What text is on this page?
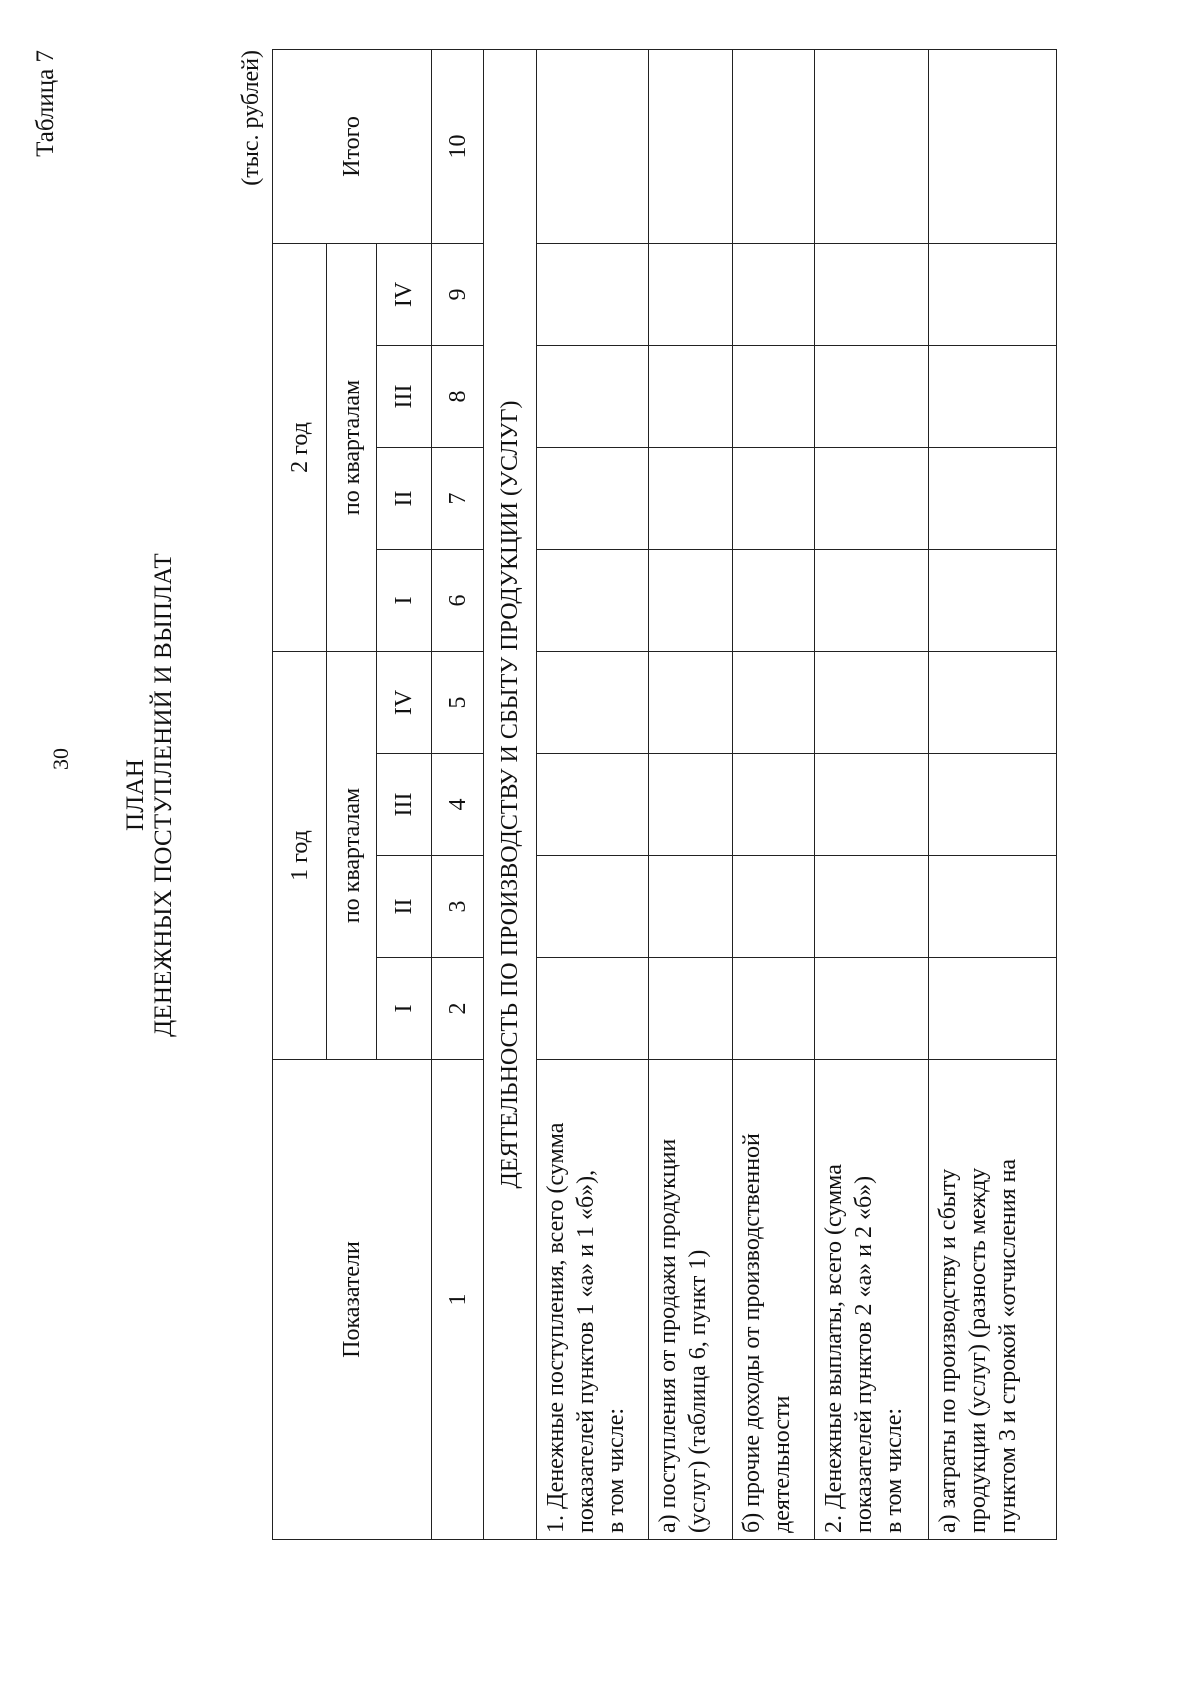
30
Таблица 7
ПЛАН ДЕНЕЖНЫХ ПОСТУПЛЕНИЙ И ВЫПЛАТ
(тыс. рублей)
Показатели	1 год				2 год				Итого
	по кварталам				по кварталам				
	I	II	III	IV	I	II	III	IV	
1	2	3	4	5	6	7	8	9	10
ДЕЯТЕЛЬНОСТЬ ПО ПРОИЗВОДСТВУ И СБЫТУ ПРОДУКЦИИ (УСЛУГ)									

1. Денежные поступления, всего (сумма показателей пунктов 1 «а» и 1 «б»), в том числе:									

а) поступления от продажи продукции (услуг) (таблица 6, пункт 1)									

б) прочие доходы от производственной деятельности									

2. Денежные выплаты, всего (сумма показателей пунктов 2 «а» и 2 «б») в том числе:									

а) затраты по производству и сбыту продукции (услуг) (разность между пунктом 3 и строкой «отчисления на									
